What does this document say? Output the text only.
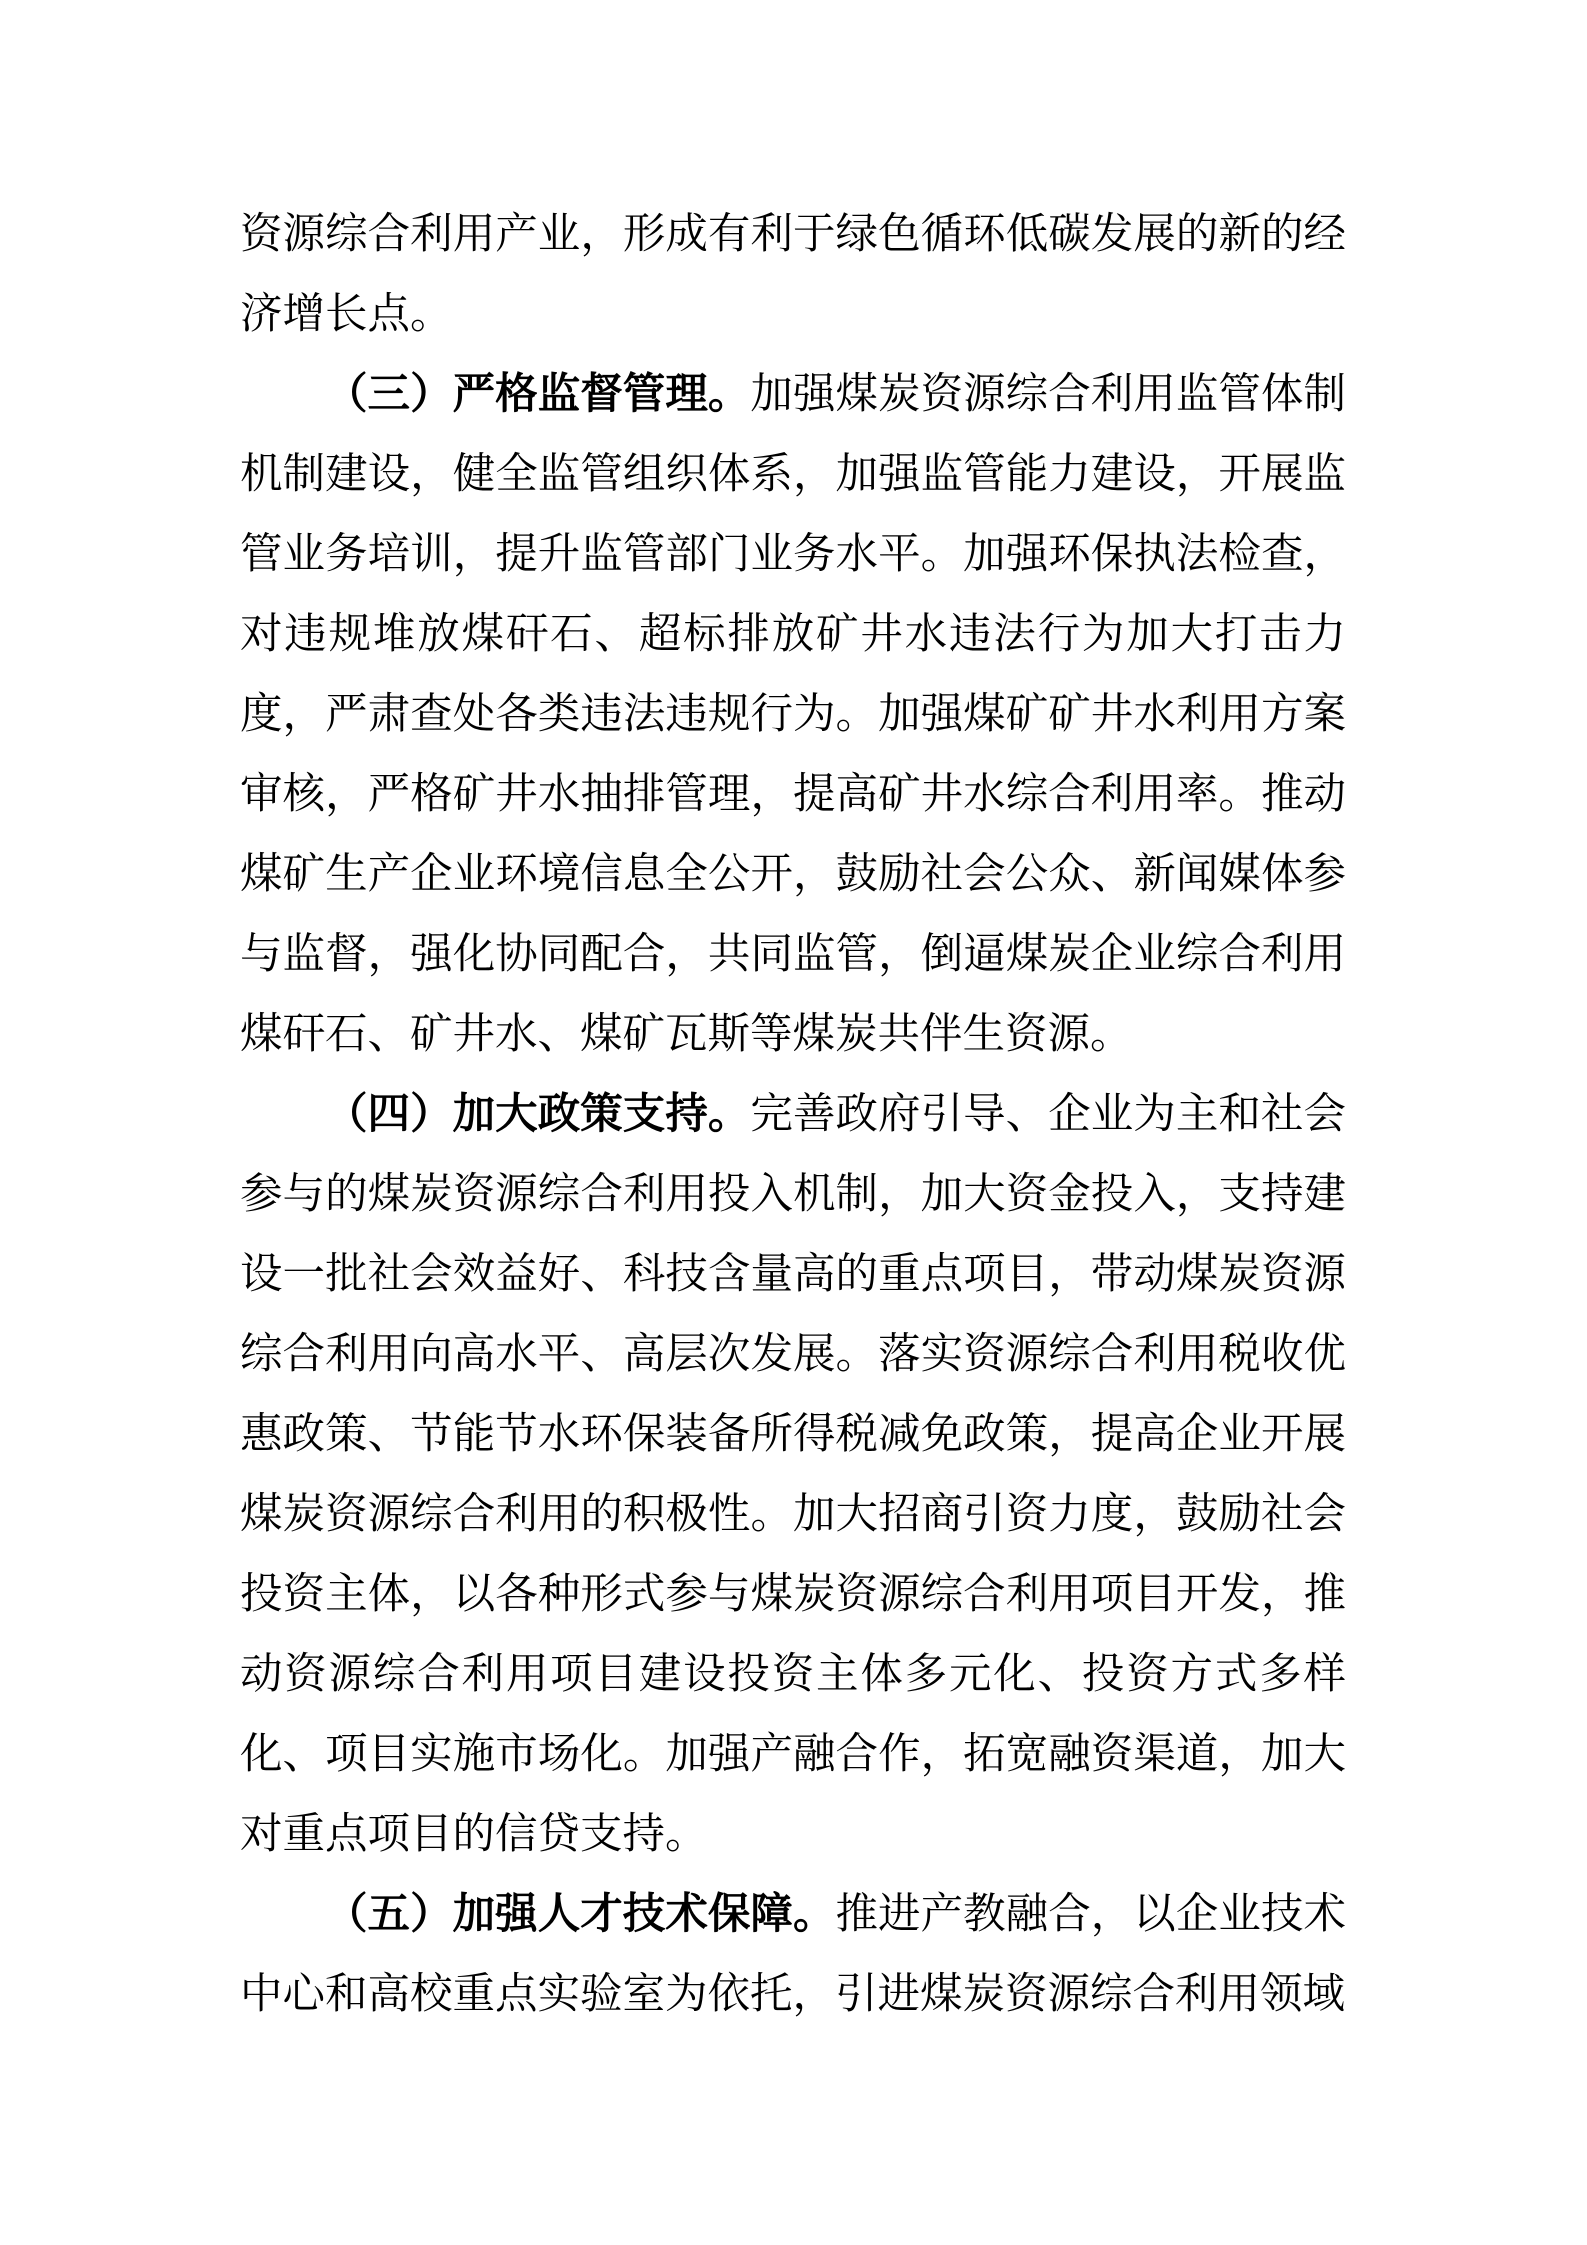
资源综合利用产业，形成有利于绿色循环低碳发展的新的经济增长点。

（三）严格监督管理。加强煤炭资源综合利用监管体制机制建设，健全监管组织体系，加强监管能力建设，开展监管业务培训，提升监管部门业务水平。加强环保执法检查，对违规堆放煤矸石、超标排放矿井水违法行为加大打击力度，严肃查处各类违法违规行为。加强煤矿矿井水利用方案审核，严格矿井水抽排管理，提高矿井水综合利用率。推动煤矿生产企业环境信息全公开，鼓励社会公众、新闻媒体参与监督，强化协同配合，共同监管，倒逼煤炭企业综合利用煤矸石、矿井水、煤矿瓦斯等煤炭共伴生资源。

（四）加大政策支持。完善政府引导、企业为主和社会参与的煤炭资源综合利用投入机制，加大资金投入，支持建设一批社会效益好、科技含量高的重点项目，带动煤炭资源综合利用向高水平、高层次发展。落实资源综合利用税收优惠政策、节能节水环保装备所得税减免政策，提高企业开展煤炭资源综合利用的积极性。加大招商引资力度，鼓励社会投资主体，以各种形式参与煤炭资源综合利用项目开发，推动资源综合利用项目建设投资主体多元化、投资方式多样化、项目实施市场化。加强产融合作，拓宽融资渠道，加大对重点项目的信贷支持。

（五）加强人才技术保障。推进产教融合，以企业技术中心和高校重点实验室为依托，引进煤炭资源综合利用领域
